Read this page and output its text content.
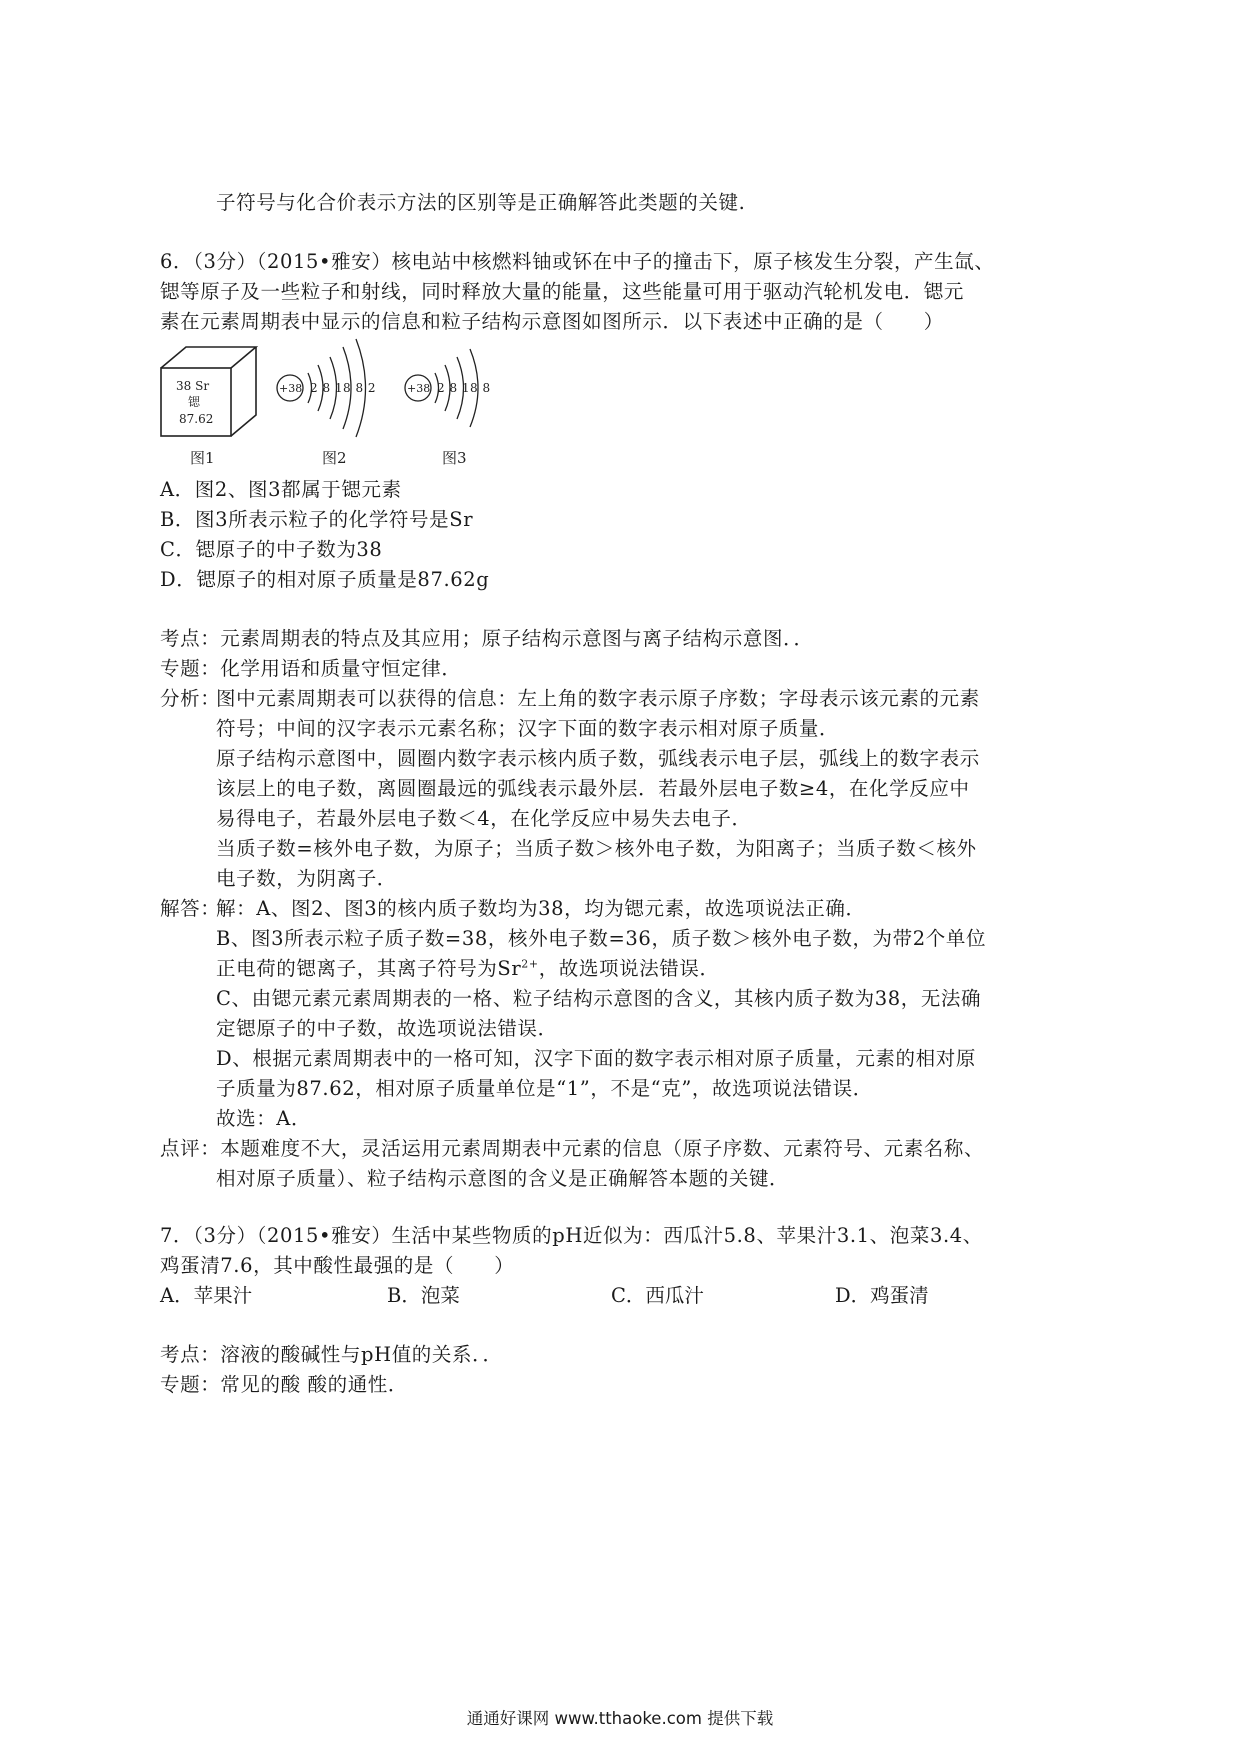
子符号与化合价表示方法的区别等是正确解答此类题的关键.
6．（3分）（2015•雅安）核电站中核燃料铀或钚在中子的撞击下，原子核发生分裂，产生氙、
锶等原子及一些粒子和射线，同时释放大量的能量，这些能量可用于驱动汽轮机发电．锶元
素在元素周期表中显示的信息和粒子结构示意图如图所示．以下表述中正确的是（　　）
38 Sr
锶
87.62
+38 2 8 18 8 2	+38 2 8 18 8
图1	图2	图3
A．图2、图3都属于锶元素
B．图3所表示粒子的化学符号是Sr
C．锶原子的中子数为38
D．锶原子的相对原子质量是87.62g
考点：元素周期表的特点及其应用；原子结构示意图与离子结构示意图．．
专题：化学用语和质量守恒定律．
分析：
图中元素周期表可以获得的信息：左上角的数字表示原子序数；字母表示该元素的元素
符号；中间的汉字表示元素名称；汉字下面的数字表示相对原子质量．
原子结构示意图中，圆圈内数字表示核内质子数，弧线表示电子层，弧线上的数字表示
该层上的电子数，离圆圈最远的弧线表示最外层．若最外层电子数≥4，在化学反应中
易得电子，若最外层电子数＜4，在化学反应中易失去电子．
当质子数=核外电子数，为原子；当质子数＞核外电子数，为阳离子；当质子数＜核外
电子数，为阴离子．
解答：
解：A、图2、图3的核内质子数均为38，均为锶元素，故选项说法正确．
B、图3所表示粒子质子数=38，核外电子数=36，质子数＞核外电子数，为带2个单位
正电荷的锶离子，其离子符号为$Sr^{2+}$，故选项说法错误．
C、由锶元素元素周期表的一格、粒子结构示意图的含义，其核内质子数为38，无法确
定锶原子的中子数，故选项说法错误．
D、根据元素周期表中的一格可知，汉字下面的数字表示相对原子质量，元素的相对原
子质量为87.62，相对原子质量单位是“1”，不是“克”，故选项说法错误．
故选：A．
点评：本题难度不大，灵活运用元素周期表中元素的信息（原子序数、元素符号、元素名称、
相对原子质量）、粒子结构示意图的含义是正确解答本题的关键．
7．（3分）（2015•雅安）生活中某些物质的pH近似为：西瓜汁5.8、苹果汁3.1、泡菜3.4、
鸡蛋清7.6，其中酸性最强的是（　　）
A．苹果汁	B．泡菜	C．西瓜汁	D．鸡蛋清
考点：溶液的酸碱性与pH值的关系．．
专题：常见的酸 酸的通性．
通通好课网 www.tthaoke.com 提供下载
